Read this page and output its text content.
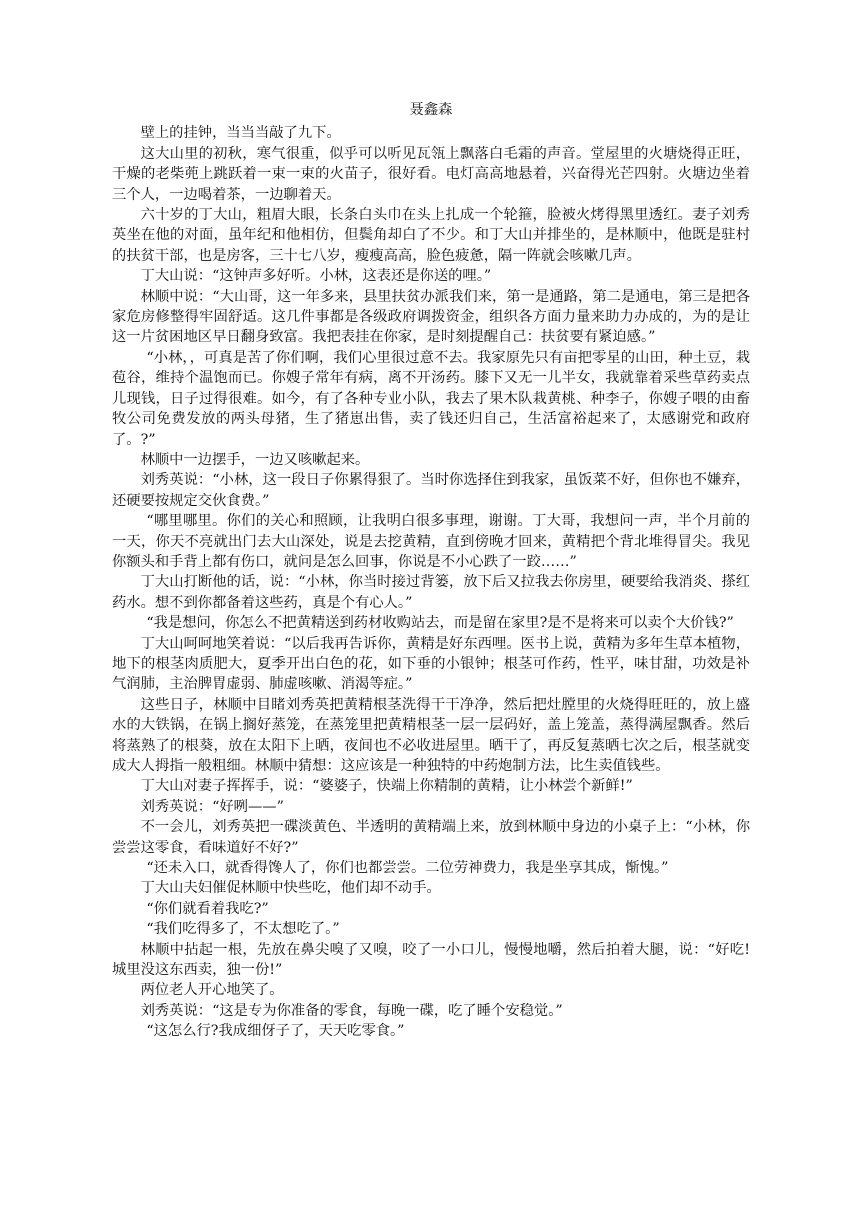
聂鑫森

壁上的挂钟，当当当敲了九下。

这大山里的初秋，寒气很重，似乎可以听见瓦瓴上飘落白毛霜的声音。堂屋里的火塘烧得正旺，干燥的老柴蔸上跳跃着一束一束的火苗子，很好看。电灯高高地悬着，兴奋得光芒四射。火塘边坐着三个人，一边喝着茶，一边聊着天。

六十岁的丁大山，粗眉大眼，长条白头巾在头上扎成一个轮箍，脸被火烤得黑里透红。妻子刘秀英坐在他的对面，虽年纪和他相仿，但鬓角却白了不少。和丁大山并排坐的，是林顺中，他既是驻村的扶贫干部，也是房客，三十七八岁，瘦瘦高高，脸色疲惫，隔一阵就会咳嗽几声。

丁大山说：“这钟声多好听。小林，这表还是你送的哩。”

林顺中说：“大山哥，这一年多来，县里扶贫办派我们来，第一是通路，第二是通电，第三是把各家危房修整得牢固舒适。这几件事都是各级政府调拨资金，组织各方面力量来助力办成的，为的是让这一片贫困地区早日翻身致富。我把表挂在你家，是时刻提醒自己：扶贫要有紧迫感。”

“小林，，可真是苦了你们啊，我们心里很过意不去。我家原先只有亩把零星的山田，种土豆，栽苞谷，维持个温饱而已。你嫂子常年有病，离不开汤药。膝下又无一儿半女，我就靠着采些草药卖点儿现钱，日子过得很难。如今，有了各种专业小队，我去了果木队栽黄桃、种李子，你嫂子喂的由畜牧公司免费发放的两头母猪，生了猪崽出售，卖了钱还归自己，生活富裕起来了，太感谢党和政府了。?”

林顺中一边摆手，一边又咳嗽起来。

刘秀英说：“小林，这一段日子你累得狠了。当时你选择住到我家，虽饭菜不好，但你也不嫌弃，还硬要按规定交伙食费。”

“哪里哪里。你们的关心和照顾，让我明白很多事理，谢谢。丁大哥，我想问一声，半个月前的一天，你天不亮就出门去大山深处，说是去挖黄精，直到傍晚才回来，黄精把个背北堆得冒尖。我见你额头和手背上都有伤口，就问是怎么回事，你说是不小心跌了一跤……”

丁大山打断他的话，说：“小林，你当时接过背篓，放下后又拉我去你房里，硬要给我消炎、搽红药水。想不到你都备着这些药，真是个有心人。”

“我是想问，你怎么不把黄精送到药材收购站去，而是留在家里?是不是将来可以卖个大价钱?”

丁大山呵呵地笑着说：“以后我再告诉你，黄精是好东西哩。医书上说，黄精为多年生草本植物，地下的根茎肉质肥大，夏季开出白色的花，如下垂的小银钟；根茎可作药，性平，味甘甜，功效是补气润肺，主治脾胃虚弱、肺虚咳嗽、消渴等症。”

这些日子，林顺中目睹刘秀英把黄精根茎洗得干干净净，然后把灶膛里的火烧得旺旺的，放上盛水的大铁锅，在锅上搁好蒸笼，在蒸笼里把黄精根茎一层一层码好，盖上笼盖，蒸得满屋飘香。然后将蒸熟了的根葵，放在太阳下上晒，夜间也不必收进屋里。晒干了，再反复蒸晒七次之后，根茎就变成大人拇指一般粗细。林顺中猜想：这应该是一种独特的中药炮制方法，比生卖值钱些。

丁大山对妻子挥挥手，说：“婆婆子，快端上你精制的黄精，让小林尝个新鲜!”

刘秀英说：“好咧——”

不一会儿，刘秀英把一碟淡黄色、半透明的黄精端上来，放到林顺中身边的小桌子上：“小林，你尝尝这零食，看味道好不好?”

“还未入口，就香得馋人了，你们也都尝尝。二位劳神费力，我是坐享其成，惭愧。”

丁大山夫妇催促林顺中快些吃，他们却不动手。

“你们就看着我吃?”

“我们吃得多了，不太想吃了。”

林顺中拈起一根，先放在鼻尖嗅了又嗅，咬了一小口儿，慢慢地嚼，然后拍着大腿，说：“好吃!城里没这东西卖，独一份!”

两位老人开心地笑了。

刘秀英说：“这是专为你准备的零食，每晚一碟，吃了睡个安稳觉。”

“这怎么行?我成细伢子了，天天吃零食。”
